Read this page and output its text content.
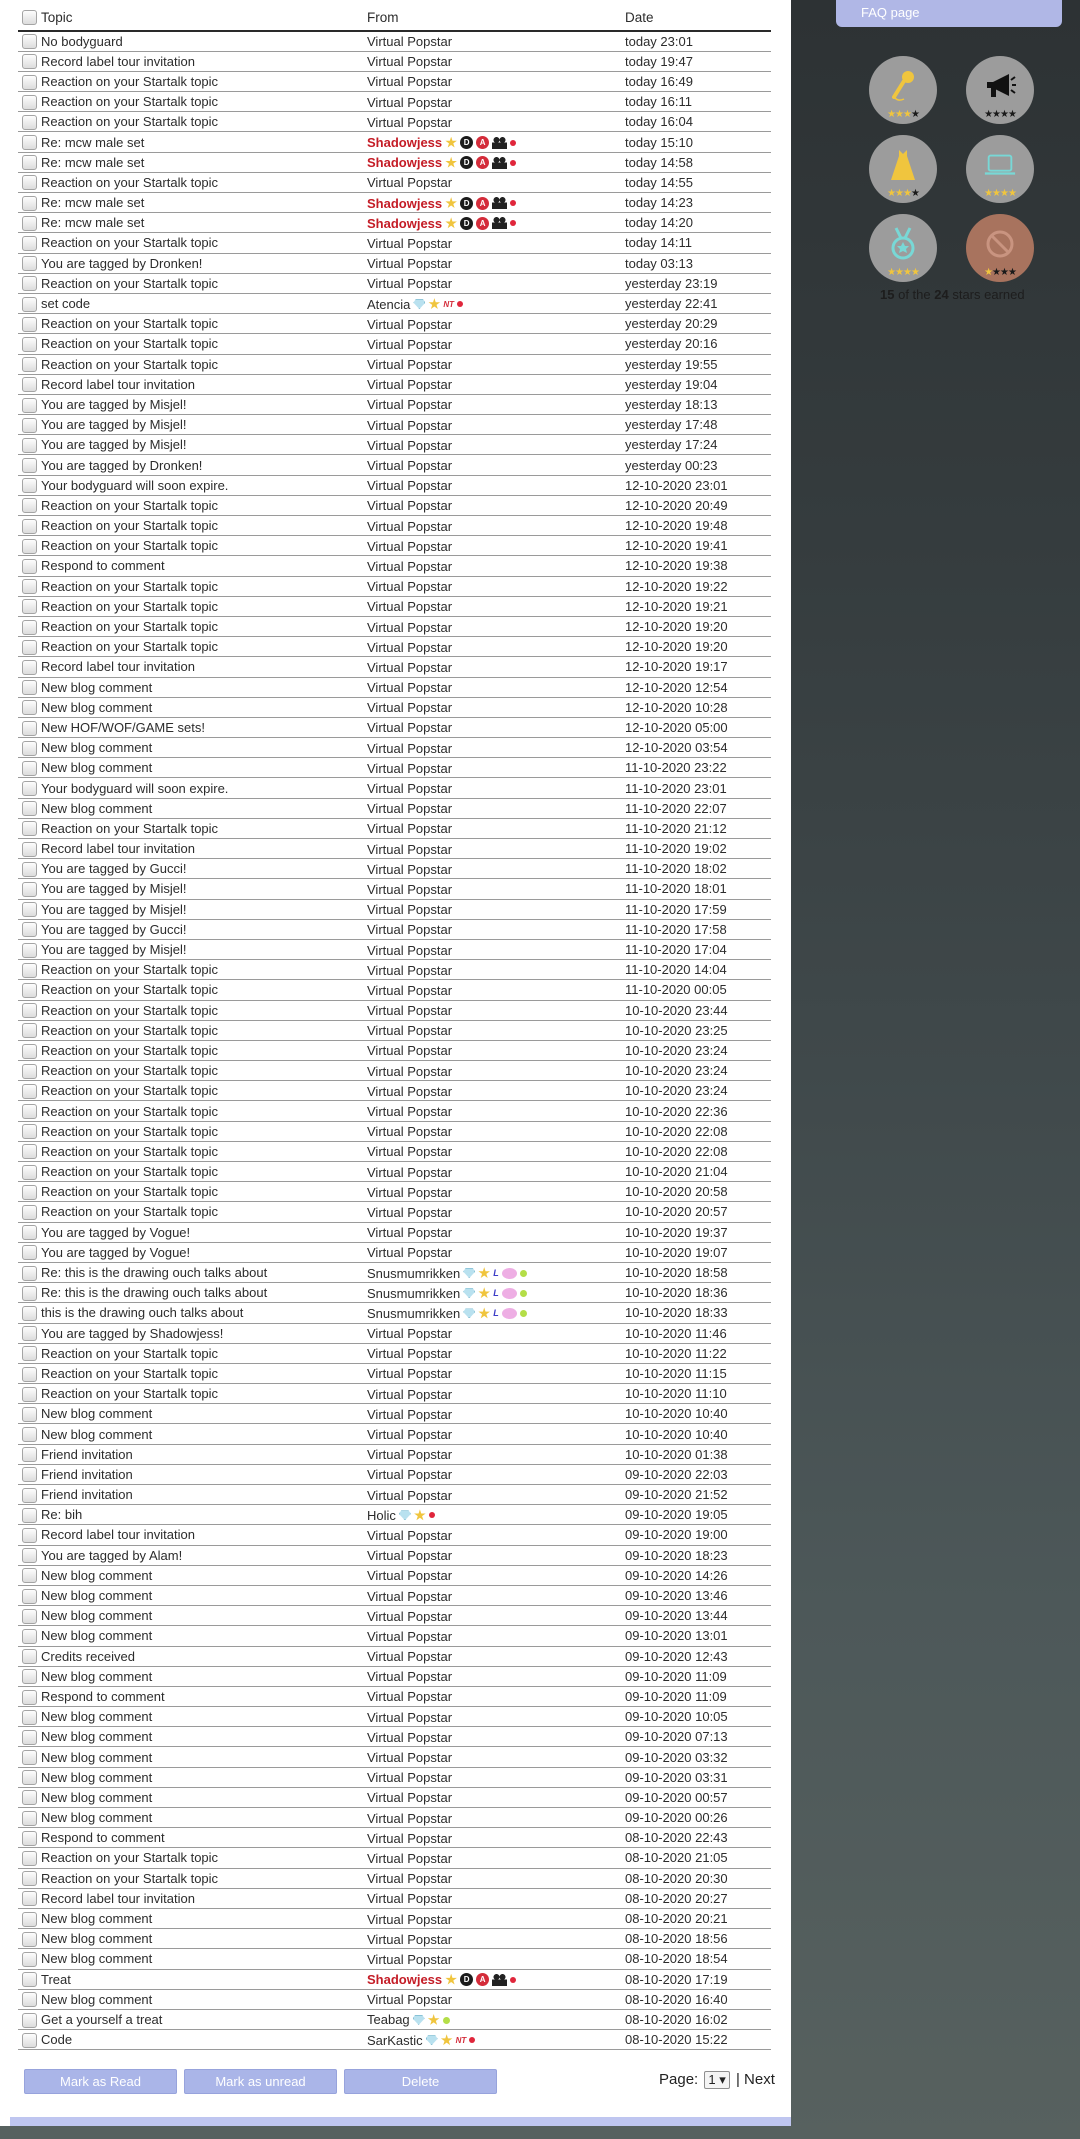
	Topic	From	Date
	No bodyguard	Virtual Popstar	today 23:01
	Record label tour invitation	Virtual Popstar	today 19:47
	Reaction on your Startalk topic	Virtual Popstar	today 16:49
	Reaction on your Startalk topic	Virtual Popstar	today 16:11
	Reaction on your Startalk topic	Virtual Popstar	today 16:04
	Re: mcw male set	Shadowjess D A	today 15:10
	Re: mcw male set	Shadowjess D A	today 14:58
	Reaction on your Startalk topic	Virtual Popstar	today 14:55
	Re: mcw male set	Shadowjess D A	today 14:23
	Re: mcw male set	Shadowjess D A	today 14:20
	Reaction on your Startalk topic	Virtual Popstar	today 14:11
	You are tagged by Dronken!	Virtual Popstar	today 03:13
	Reaction on your Startalk topic	Virtual Popstar	yesterday 23:19
	set code	Atencia NT	yesterday 22:41
	Reaction on your Startalk topic	Virtual Popstar	yesterday 20:29
	Reaction on your Startalk topic	Virtual Popstar	yesterday 20:16
	Reaction on your Startalk topic	Virtual Popstar	yesterday 19:55
	Record label tour invitation	Virtual Popstar	yesterday 19:04
	You are tagged by Misjel!	Virtual Popstar	yesterday 18:13
	You are tagged by Misjel!	Virtual Popstar	yesterday 17:48
	You are tagged by Misjel!	Virtual Popstar	yesterday 17:24
	You are tagged by Dronken!	Virtual Popstar	yesterday 00:23
	Your bodyguard will soon expire.	Virtual Popstar	12-10-2020 23:01
	Reaction on your Startalk topic	Virtual Popstar	12-10-2020 20:49
	Reaction on your Startalk topic	Virtual Popstar	12-10-2020 19:48
	Reaction on your Startalk topic	Virtual Popstar	12-10-2020 19:41
	Respond to comment	Virtual Popstar	12-10-2020 19:38
	Reaction on your Startalk topic	Virtual Popstar	12-10-2020 19:22
	Reaction on your Startalk topic	Virtual Popstar	12-10-2020 19:21
	Reaction on your Startalk topic	Virtual Popstar	12-10-2020 19:20
	Reaction on your Startalk topic	Virtual Popstar	12-10-2020 19:20
	Record label tour invitation	Virtual Popstar	12-10-2020 19:17
	New blog comment	Virtual Popstar	12-10-2020 12:54
	New blog comment	Virtual Popstar	12-10-2020 10:28
	New HOF/WOF/GAME sets!	Virtual Popstar	12-10-2020 05:00
	New blog comment	Virtual Popstar	12-10-2020 03:54
	New blog comment	Virtual Popstar	11-10-2020 23:22
	Your bodyguard will soon expire.	Virtual Popstar	11-10-2020 23:01
	New blog comment	Virtual Popstar	11-10-2020 22:07
	Reaction on your Startalk topic	Virtual Popstar	11-10-2020 21:12
	Record label tour invitation	Virtual Popstar	11-10-2020 19:02
	You are tagged by Gucci!	Virtual Popstar	11-10-2020 18:02
	You are tagged by Misjel!	Virtual Popstar	11-10-2020 18:01
	You are tagged by Misjel!	Virtual Popstar	11-10-2020 17:59
	You are tagged by Gucci!	Virtual Popstar	11-10-2020 17:58
	You are tagged by Misjel!	Virtual Popstar	11-10-2020 17:04
	Reaction on your Startalk topic	Virtual Popstar	11-10-2020 14:04
	Reaction on your Startalk topic	Virtual Popstar	11-10-2020 00:05
	Reaction on your Startalk topic	Virtual Popstar	10-10-2020 23:44
	Reaction on your Startalk topic	Virtual Popstar	10-10-2020 23:25
	Reaction on your Startalk topic	Virtual Popstar	10-10-2020 23:24
	Reaction on your Startalk topic	Virtual Popstar	10-10-2020 23:24
	Reaction on your Startalk topic	Virtual Popstar	10-10-2020 23:24
	Reaction on your Startalk topic	Virtual Popstar	10-10-2020 22:36
	Reaction on your Startalk topic	Virtual Popstar	10-10-2020 22:08
	Reaction on your Startalk topic	Virtual Popstar	10-10-2020 22:08
	Reaction on your Startalk topic	Virtual Popstar	10-10-2020 21:04
	Reaction on your Startalk topic	Virtual Popstar	10-10-2020 20:58
	Reaction on your Startalk topic	Virtual Popstar	10-10-2020 20:57
	You are tagged by Vogue!	Virtual Popstar	10-10-2020 19:37
	You are tagged by Vogue!	Virtual Popstar	10-10-2020 19:07
	Re: this is the drawing ouch talks about	Snusmumrikken L	10-10-2020 18:58
	Re: this is the drawing ouch talks about	Snusmumrikken L	10-10-2020 18:36
	this is the drawing ouch talks about	Snusmumrikken L	10-10-2020 18:33
	You are tagged by Shadowjess!	Virtual Popstar	10-10-2020 11:46
	Reaction on your Startalk topic	Virtual Popstar	10-10-2020 11:22
	Reaction on your Startalk topic	Virtual Popstar	10-10-2020 11:15
	Reaction on your Startalk topic	Virtual Popstar	10-10-2020 11:10
	New blog comment	Virtual Popstar	10-10-2020 10:40
	New blog comment	Virtual Popstar	10-10-2020 10:40
	Friend invitation	Virtual Popstar	10-10-2020 01:38
	Friend invitation	Virtual Popstar	09-10-2020 22:03
	Friend invitation	Virtual Popstar	09-10-2020 21:52
	Re: bih	Holic	09-10-2020 19:05
	Record label tour invitation	Virtual Popstar	09-10-2020 19:00
	You are tagged by Alam!	Virtual Popstar	09-10-2020 18:23
	New blog comment	Virtual Popstar	09-10-2020 14:26
	New blog comment	Virtual Popstar	09-10-2020 13:46
	New blog comment	Virtual Popstar	09-10-2020 13:44
	New blog comment	Virtual Popstar	09-10-2020 13:01
	Credits received	Virtual Popstar	09-10-2020 12:43
	New blog comment	Virtual Popstar	09-10-2020 11:09
	Respond to comment	Virtual Popstar	09-10-2020 11:09
	New blog comment	Virtual Popstar	09-10-2020 10:05
	New blog comment	Virtual Popstar	09-10-2020 07:13
	New blog comment	Virtual Popstar	09-10-2020 03:32
	New blog comment	Virtual Popstar	09-10-2020 03:31
	New blog comment	Virtual Popstar	09-10-2020 00:57
	New blog comment	Virtual Popstar	09-10-2020 00:26
	Respond to comment	Virtual Popstar	08-10-2020 22:43
	Reaction on your Startalk topic	Virtual Popstar	08-10-2020 21:05
	Reaction on your Startalk topic	Virtual Popstar	08-10-2020 20:30
	Record label tour invitation	Virtual Popstar	08-10-2020 20:27
	New blog comment	Virtual Popstar	08-10-2020 20:21
	New blog comment	Virtual Popstar	08-10-2020 18:56
	New blog comment	Virtual Popstar	08-10-2020 18:54
	Treat	Shadowjess D A	08-10-2020 17:19
	New blog comment	Virtual Popstar	08-10-2020 16:40
	Get a yourself a treat	Teabag	08-10-2020 16:02
	Code	SarKastic NT	08-10-2020 15:22
Mark as Read	Mark as unread	Delete	Page: 1 ▾ | Next
FAQ page
★★★★	★★★★
★★★★	★★★★
★★★★	★★★★
15 of the 24 stars earned
